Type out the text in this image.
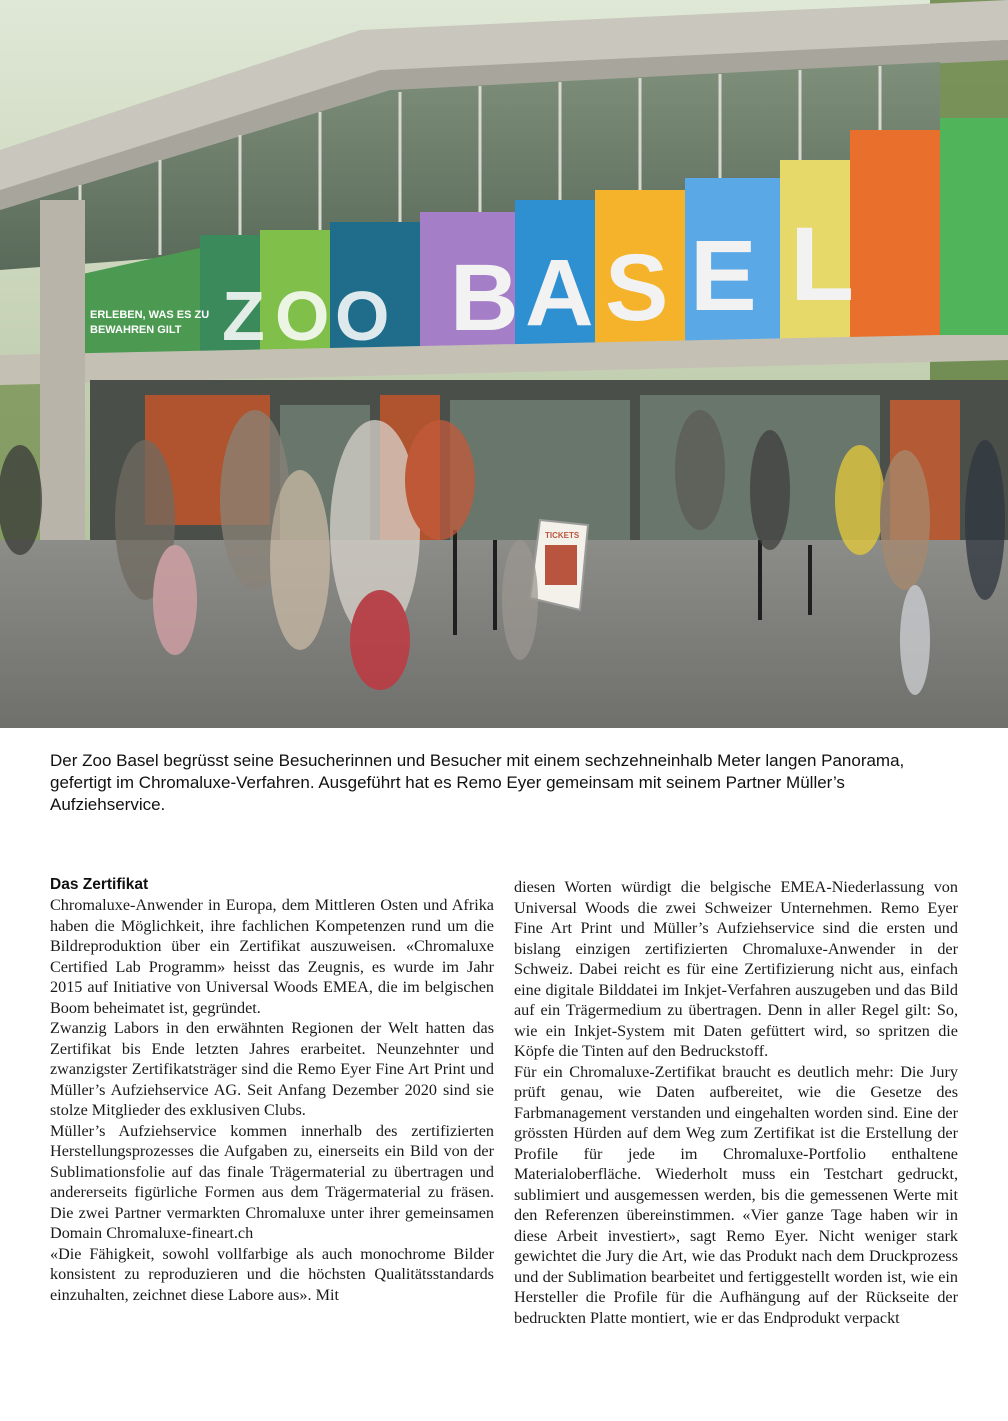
Z O O B A S E L
ERLEBEN, WAS ES ZU
BEWAHREN GILT
TICKETS
Der Zoo Basel begrüsst seine Besucherinnen und Besucher mit einem sechzehneinhalb Meter langen Panorama, gefertigt im Chromaluxe-Verfahren. Ausgeführt hat es Remo Eyer gemeinsam mit seinem Partner Müller’s Aufziehservice.

Das Zertifikat

Chromaluxe-Anwender in Europa, dem Mittleren Osten und Afrika haben die Möglichkeit, ihre fachlichen Kompetenzen rund um die Bildreproduktion über ein Zertifikat auszuweisen. «Chromaluxe Certified Lab Programm» heisst das Zeugnis, es wurde im Jahr 2015 auf Initiative von Universal Woods EMEA, die im belgischen Boom beheimatet ist, gegründet.

Zwanzig Labors in den erwähnten Regionen der Welt hatten das Zertifikat bis Ende letzten Jahres erarbeitet. Neunzehnter und zwanzigster Zertifikatsträger sind die Remo Eyer Fine Art Print und Müller’s Aufziehservice AG. Seit Anfang Dezember 2020 sind sie stolze Mitglieder des exklusiven Clubs.

Müller’s Aufziehservice kommen innerhalb des zertifizierten Herstellungsprozesses die Aufgaben zu, einerseits ein Bild von der Sublimationsfolie auf das finale Trägermaterial zu übertragen und andererseits figürliche Formen aus dem Trägermaterial zu fräsen. Die zwei Partner vermarkten Chromaluxe unter ihrer gemeinsamen Domain Chromaluxe-fineart.ch

«Die Fähigkeit, sowohl vollfarbige als auch monochrome Bilder konsistent zu reproduzieren und die höchsten Qualitätsstandards einzuhalten, zeichnet diese Labore aus». Mit

diesen Worten würdigt die belgische EMEA-Niederlassung von Universal Woods die zwei Schweizer Unternehmen. Remo Eyer Fine Art Print und Müller’s Aufziehservice sind die ersten und bislang einzigen zertifizierten Chromaluxe-Anwender in der Schweiz. Dabei reicht es für eine Zertifizierung nicht aus, einfach eine digitale Bilddatei im Inkjet-Verfahren auszugeben und das Bild auf ein Trägermedium zu übertragen. Denn in aller Regel gilt: So, wie ein Inkjet-System mit Daten gefüttert wird, so spritzen die Köpfe die Tinten auf den Bedruckstoff.

Für ein Chromaluxe-Zertifikat braucht es deutlich mehr: Die Jury prüft genau, wie Daten aufbereitet, wie die Gesetze des Farbmanagement verstanden und eingehalten worden sind. Eine der grössten Hürden auf dem Weg zum Zertifikat ist die Erstellung der Profile für jede im Chromaluxe-Portfolio enthaltene Materialoberfläche. Wiederholt muss ein Testchart gedruckt, sublimiert und ausgemessen werden, bis die gemessenen Werte mit den Referenzen übereinstimmen. «Vier ganze Tage haben wir in diese Arbeit investiert», sagt Remo Eyer. Nicht weniger stark gewichtet die Jury die Art, wie das Produkt nach dem Druckprozess und der Sublimation bearbeitet und fertiggestellt worden ist, wie ein Hersteller die Profile für die Aufhängung auf der Rückseite der bedruckten Platte montiert, wie er das Endprodukt verpackt
